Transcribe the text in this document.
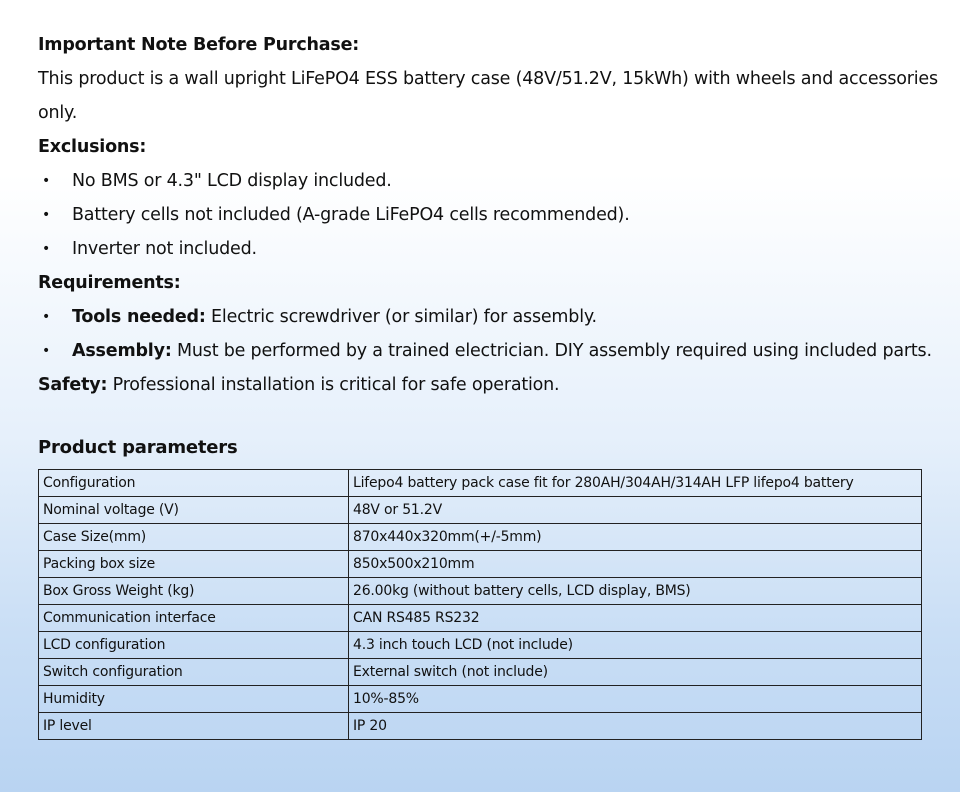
Important Note Before Purchase:
This product is a wall upright LiFePO4 ESS battery case (48V/51.2V, 15kWh) with wheels and accessories
only.
Exclusions:
• No BMS or 4.3" LCD display included.
• Battery cells not included (A-grade LiFePO4 cells recommended).
• Inverter not included.
Requirements:
• Tools needed: Electric screwdriver (or similar) for assembly.
• Assembly: Must be performed by a trained electrician. DIY assembly required using included parts.
Safety: Professional installation is critical for safe operation.
Product parameters
Configuration	Lifepo4 battery pack case fit for 280AH/304AH/314AH LFP lifepo4 battery
Nominal voltage (V)	48V or 51.2V
Case Size(mm)	870x440x320mm(+/-5mm)
Packing box size	850x500x210mm
Box Gross Weight (kg)	26.00kg (without battery cells, LCD display, BMS)
Communication interface	CAN RS485 RS232
LCD configuration	4.3 inch touch LCD (not include)
Switch configuration	External switch (not include)
Humidity	10%-85%
IP level	IP 20
